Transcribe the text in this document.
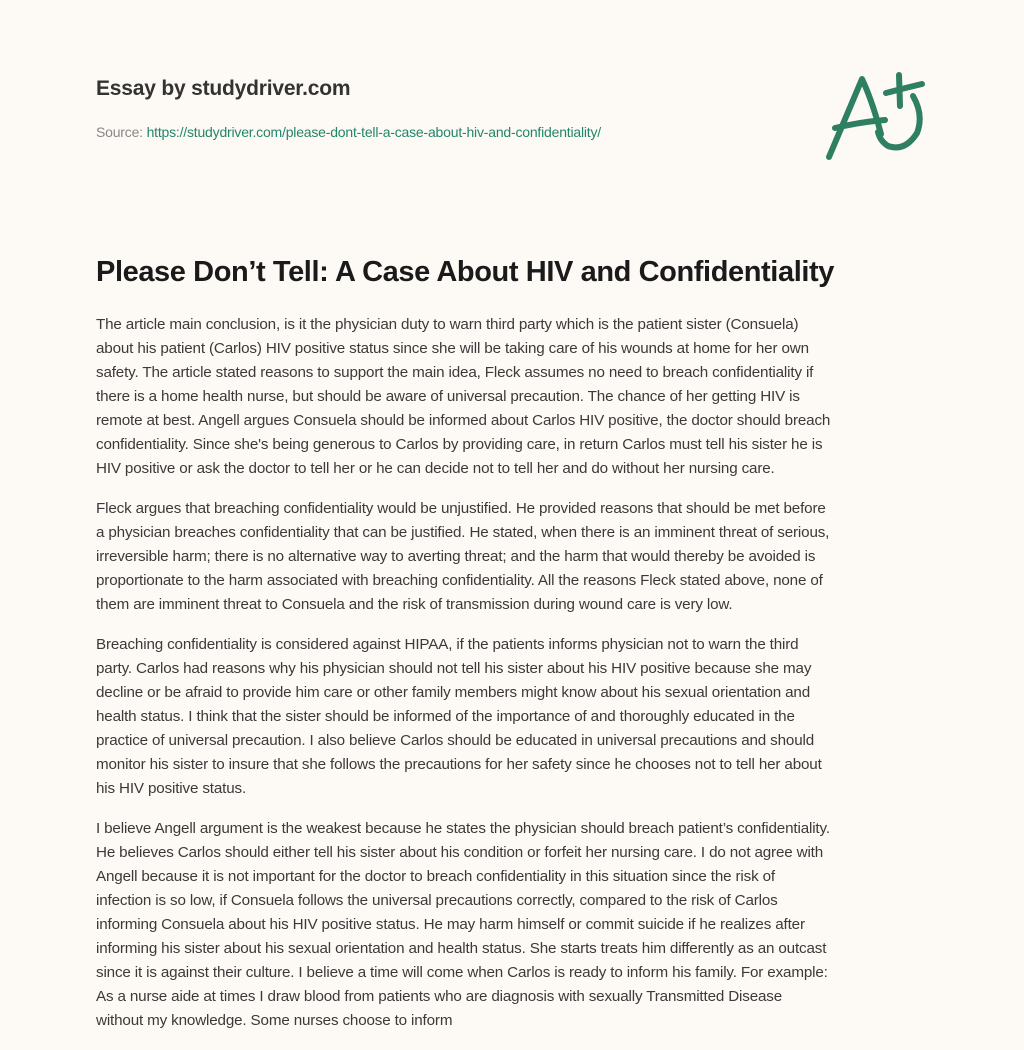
Essay by studydriver.com
Source: https://studydriver.com/please-dont-tell-a-case-about-hiv-and-confidentiality/
Please Don’t Tell: A Case About HIV and Confidentiality

The article main conclusion, is it the physician duty to warn third party which is the patient sister (Consuela)
about his patient (Carlos) HIV positive status since she will be taking care of his wounds at home for her own
safety. The article stated reasons to support the main idea, Fleck assumes no need to breach confidentiality if
there is a home health nurse, but should be aware of universal precaution. The chance of her getting HIV is
remote at best. Angell argues Consuela should be informed about Carlos HIV positive, the doctor should breach
confidentiality. Since she's being generous to Carlos by providing care, in return Carlos must tell his sister he is
HIV positive or ask the doctor to tell her or he can decide not to tell her and do without her nursing care.

Fleck argues that breaching confidentiality would be unjustified. He provided reasons that should be met before
a physician breaches confidentiality that can be justified. He stated, when there is an imminent threat of serious,
irreversible harm; there is no alternative way to averting threat; and the harm that would thereby be avoided is
proportionate to the harm associated with breaching confidentiality. All the reasons Fleck stated above, none of
them are imminent threat to Consuela and the risk of transmission during wound care is very low.

Breaching confidentiality is considered against HIPAA, if the patients informs physician not to warn the third
party. Carlos had reasons why his physician should not tell his sister about his HIV positive because she may
decline or be afraid to provide him care or other family members might know about his sexual orientation and
health status. I think that the sister should be informed of the importance of and thoroughly educated in the
practice of universal precaution. I also believe Carlos should be educated in universal precautions and should
monitor his sister to insure that she follows the precautions for her safety since he chooses not to tell her about
his HIV positive status.

I believe Angell argument is the weakest because he states the physician should breach patient’s confidentiality.
He believes Carlos should either tell his sister about his condition or forfeit her nursing care. I do not agree with
Angell because it is not important for the doctor to breach confidentiality in this situation since the risk of
infection is so low, if Consuela follows the universal precautions correctly, compared to the risk of Carlos
informing Consuela about his HIV positive status. He may harm himself or commit suicide if he realizes after
informing his sister about his sexual orientation and health status. She starts treats him differently as an outcast
since it is against their culture. I believe a time will come when Carlos is ready to inform his family. For example:
As a nurse aide at times I draw blood from patients who are diagnosis with sexually Transmitted Disease
without my knowledge. Some nurses choose to inform
